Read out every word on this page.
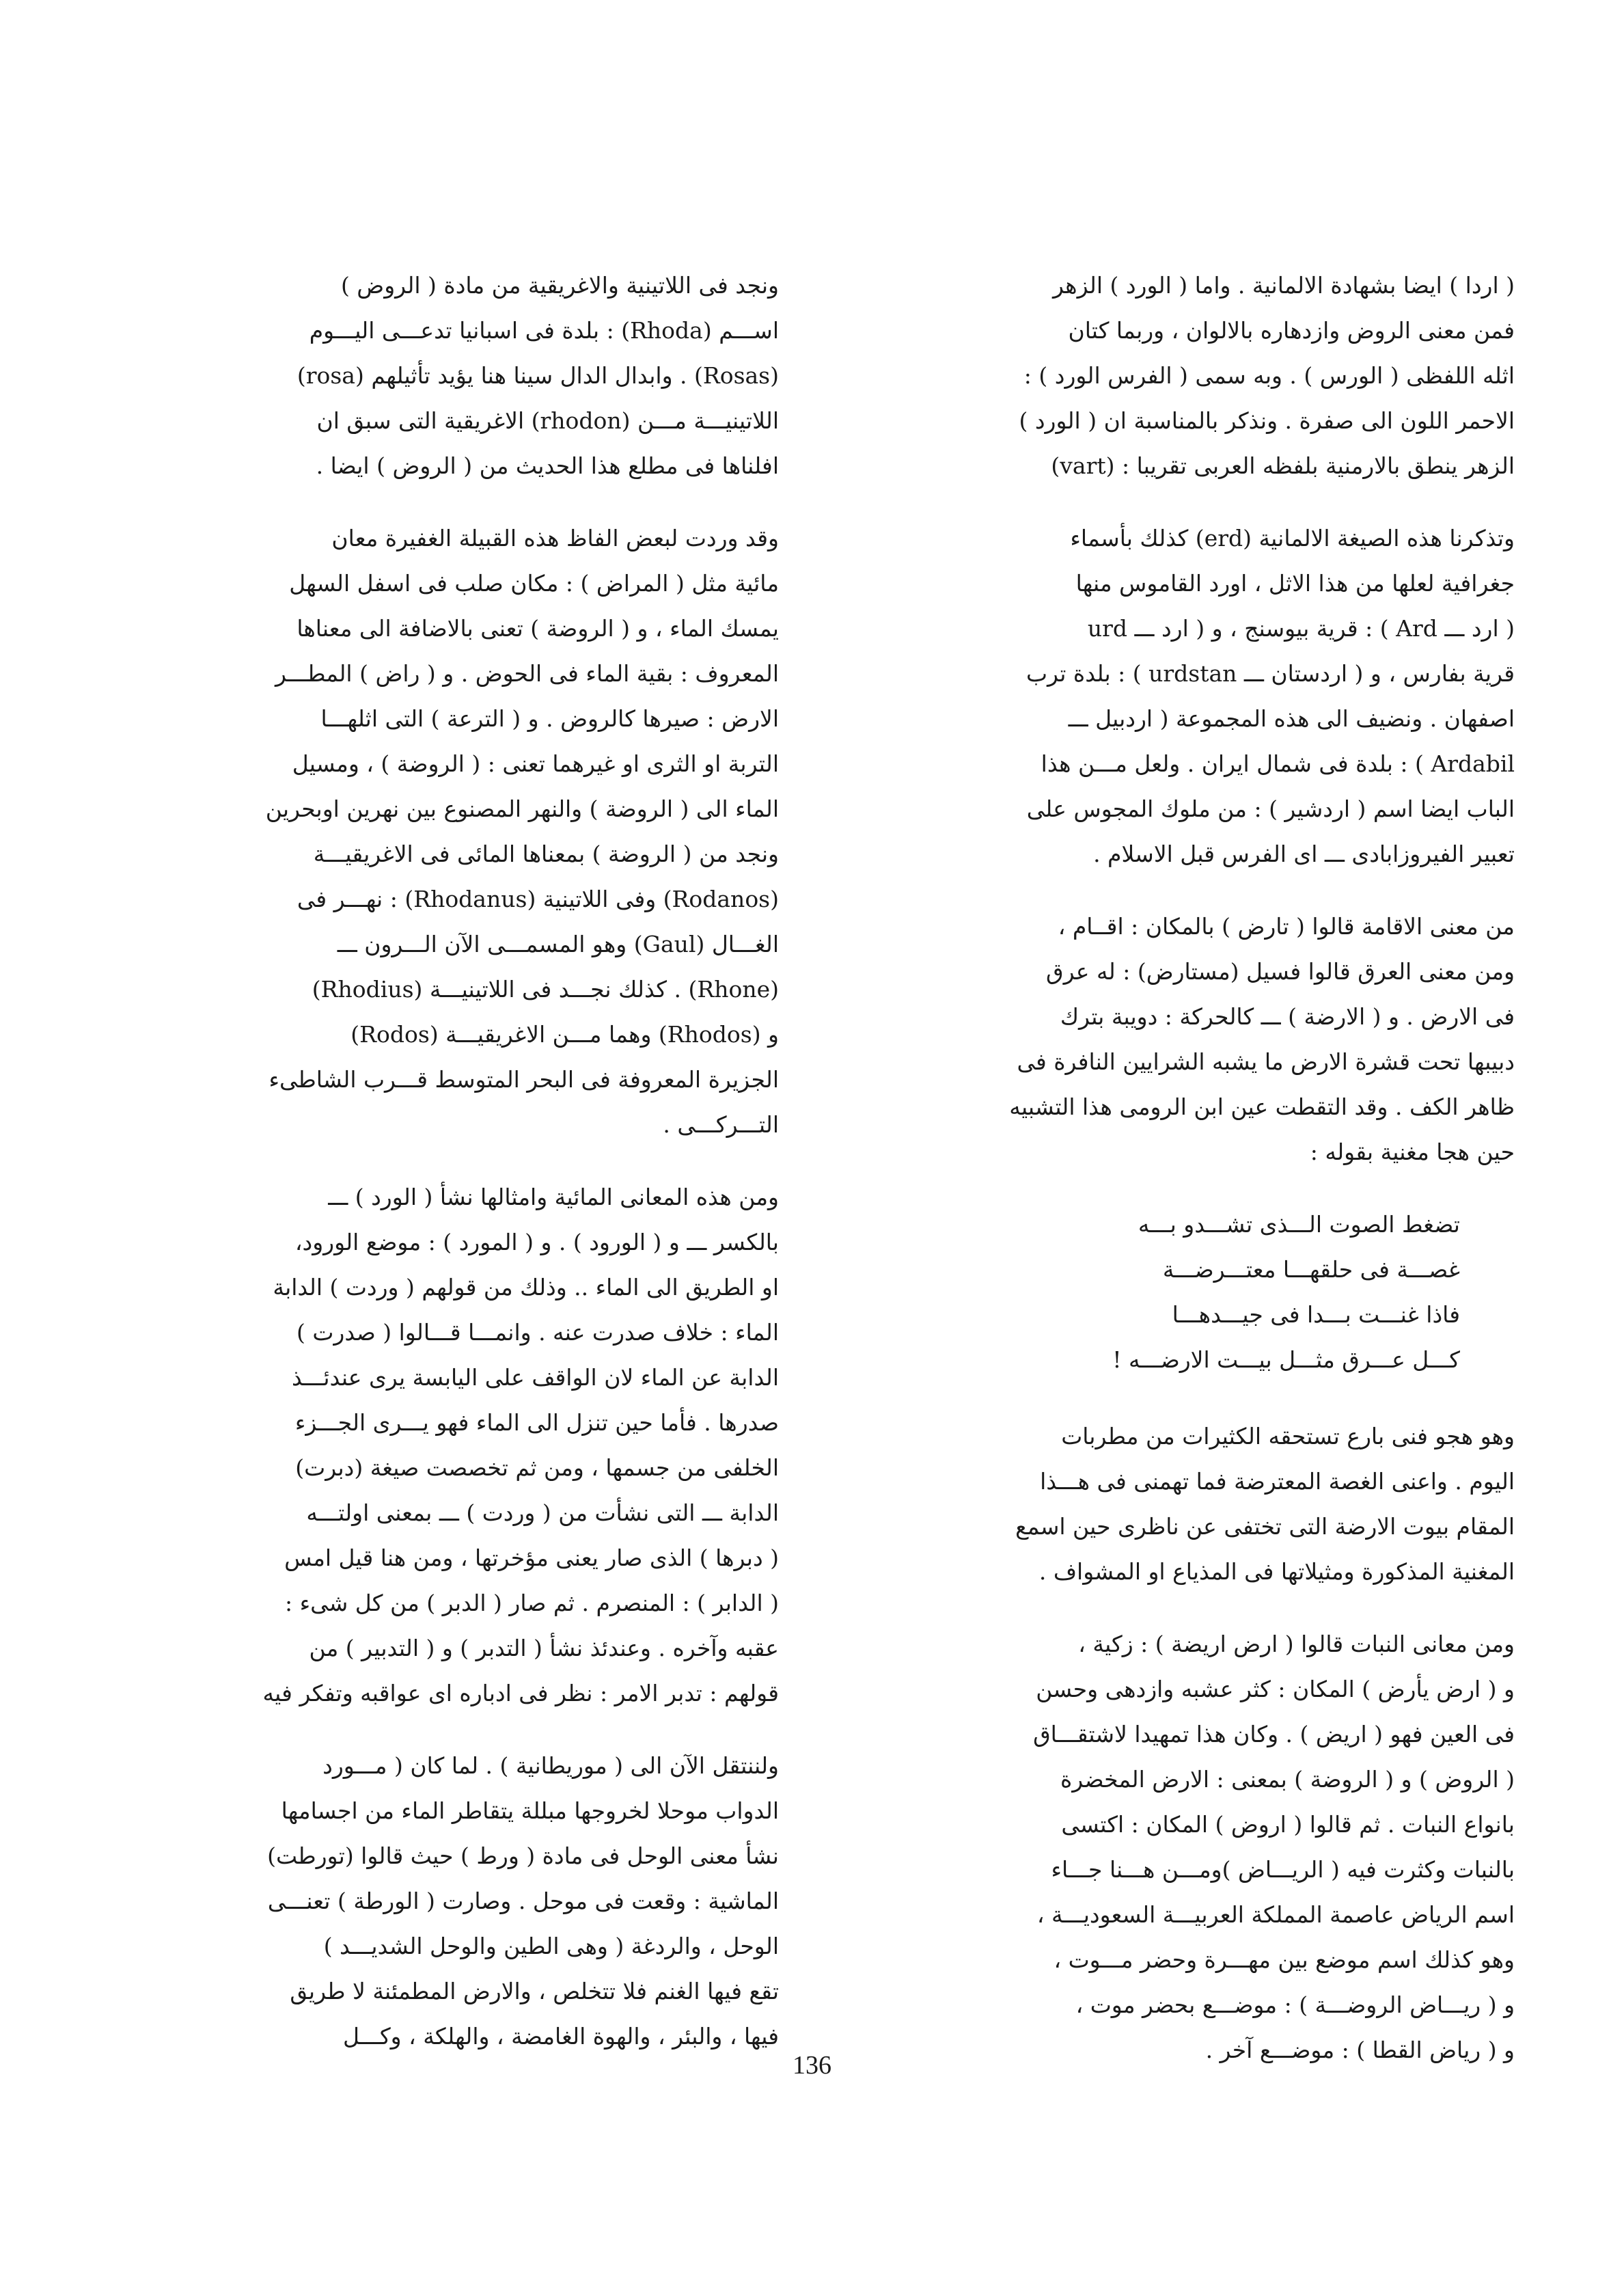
( اردا ) ايضا بشهادة الالمانية . واما ( الورد ) الزهر
فمن معنى الروض وازدهاره بالالوان ، وربما كتان
اثله اللفظى ( الورس ) . وبه سمى ( الفرس الورد ) :
الاحمر اللون الى صفرة . ونذكر بالمناسبة ان ( الورد )
الزهر ينطق بالارمنية بلفظه العربى تقريبا : (vart)
وتذكرنا هذه الصيغة الالمانية (erd) كذلك بأسماء
جغرافية لعلها من هذا الاثل ، اورد القاموس منها
( ارد ـــ Ard ) : قرية بيوسنج ، و ( ارد ـــ urd
قرية بفارس ، و ( اردستان ـــ urdstan ) : بلدة ترب
اصفهان . ونضيف الى هذه المجموعة ( اردبيل ـــ
Ardabil ) : بلدة فى شمال ايران . ولعل مـــن هذا
الباب ايضا اسم ( اردشير ) : من ملوك المجوس على
تعبير الفيروزابادى ـــ اى الفرس قبل الاسلام .
من معنى الاقامة قالوا ( تارض ) بالمكان : اقــام ،
ومن معنى العرق قالوا فسيل (مستارض) : له عرق
فى الارض . و ( الارضة ) ـــ كالحركة : دويبة بترك
دبيبها تحت قشرة الارض ما يشبه الشرايين النافرة فى
ظاهر الكف . وقد التقطت عين ابن الرومى هذا التشبيه
حين هجا مغنية بقوله :
تضغط الصوت الـــذى تشـــدو بـــه
غصـــة فى حلقهـــا معتـــرضـــة
فاذا غنـــت بـــدا فى جيـــدهـــا
كـــل عـــرق مثـــل بيـــت الارضـــه !
وهو هجو فنى بارع تستحقه الكثيرات من مطربات
اليوم . واعنى الغصة المعترضة فما تهمنى فى هـــذا
المقام بيوت الارضة التى تختفى عن ناظرى حين اسمع
المغنية المذكورة ومثيلاتها فى المذياع او المشواف .
ومن معانى النبات قالوا ( ارض اريضة ) : زكية ،
و ( ارض يأرض ) المكان : كثر عشبه وازدهى وحسن
فى العين فهو ( اريض ) . وكان هذا تمهيدا لاشتقـــاق
( الروض ) و ( الروضة ) بمعنى : الارض المخضرة
بانواع النبات . ثم قالوا ( اروض ) المكان : اكتسى
بالنبات وكثرت فيه ( الريـــاض )ومـــن هـــنا جـــاء
اسم الرياض عاصمة المملكة العربيـــة السعوديـــة ،
وهو كذلك اسم موضع بين مهـــرة وحضر مـــوت ،
و ( ريـــاض الروضـــة ) : موضـــع بحضر موت ،
و ( رياض القطا ) : موضـــع آخر .
ونجد فى اللاتينية والاغريقية من مادة ( الروض )
اســـم (Rhoda) : بلدة فى اسبانيا تدعـــى اليـــوم
(Rosas) . وابدال الدال سينا هنا يؤيد تأثيلهم (rosa)
اللاتينيـــة مـــن (rhodon) الاغريقية التى سبق ان
افلناها فى مطلع هذا الحديث من ( الروض ) ايضا .
وقد وردت لبعض الفاظ هذه القبيلة الغفيرة معان
مائية مثل ( المراض ) : مكان صلب فى اسفل السهل
يمسك الماء ، و ( الروضة ) تعنى بالاضافة الى معناها
المعروف : بقية الماء فى الحوض . و ( راض ) المطـــر
الارض : صيرها كالروض . و ( الترعة ) التى اثلهـــا
التربة او الثرى او غيرهما تعنى : ( الروضة ) ، ومسيل
الماء الى ( الروضة ) والنهر المصنوع بين نهرين اوبحرين
ونجد من ( الروضة ) بمعناها المائى فى الاغريقيـــة
(Rodanos) وفى اللاتينية (Rhodanus) : نهـــر فى
الغـــال (Gaul) وهو المسمـــى الآن الـــرون ـــ
(Rhone) . كذلك نجـــد فى اللاتينيـــة (Rhodius)
و (Rhodos) وهما مـــن الاغريقيـــة (Rodos)
الجزيرة المعروفة فى البحر المتوسط قـــرب الشاطىء
التـــركـــى .
ومن هذه المعانى المائية وامثالها نشأ ( الورد ) ـــ
بالكسر ـــ و ( الورود ) . و ( المورد ) : موضع الورود،
او الطريق الى الماء .. وذلك من قولهم ( وردت ) الدابة
الماء : خلاف صدرت عنه . وانمـــا قـــالوا ( صدرت )
الدابة عن الماء لان الواقف على اليابسة يرى عندئـــذ
صدرها . فأما حين تنزل الى الماء فهو يـــرى الجـــزء
الخلفى من جسمها ، ومن ثم تخصصت صيغة (دبرت)
الدابة ـــ التى نشأت من ( وردت ) ـــ بمعنى اولتـــه
( دبرها ) الذى صار يعنى مؤخرتها ، ومن هنا قيل امس
( الدابر ) : المنصرم . ثم صار ( الدبر ) من كل شىء :
عقبه وآخره . وعندئذ نشأ ( التدبر ) و ( التدبير ) من
قولهم : تدبر الامر : نظر فى ادباره اى عواقبه وتفكر فيه
ولننتقل الآن الى ( موريطانية ) . لما كان ( مـــورد
الدواب موحلا لخروجها مبللة يتقاطر الماء من اجسامها
نشأ معنى الوحل فى مادة ( ورط ) حيث قالوا (تورطت)
الماشية : وقعت فى موحل . وصارت ( الورطة ) تعنـــى
الوحل ، والردغة ( وهى الطين والوحل الشديـــد )
تقع فيها الغنم فلا تتخلص ، والارض المطمئنة لا طريق
فيها ، والبئر ، والهوة الغامضة ، والهلكة ، وكـــل
136
